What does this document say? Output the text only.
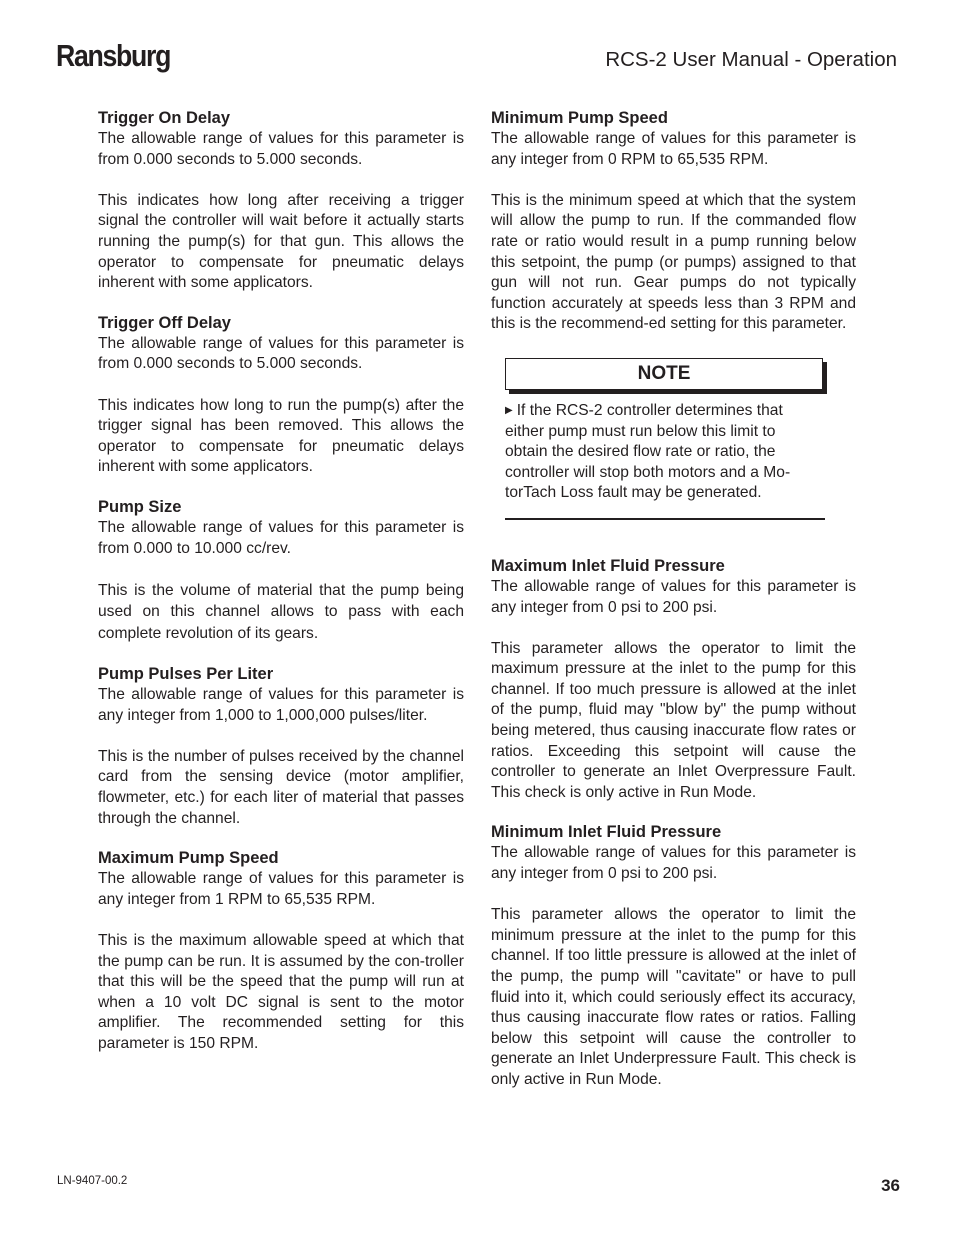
Ransburg	RCS-2 User Manual - Operation
Trigger On Delay

The allowable range of values for this parameter is from 0.000 seconds to 5.000 seconds.

This indicates how long after receiving a trigger signal the controller will wait before it actually starts running the pump(s) for that gun. This allows the operator to compensate for pneumatic delays inherent with some applicators.

Trigger Off Delay

The allowable range of values for this parameter is from 0.000 seconds to 5.000 seconds.

This indicates how long to run the pump(s) after the trigger signal has been removed. This allows the operator to compensate for pneumatic delays inherent with some applicators.

Pump Size

The allowable range of values for this parameter is from 0.000 to 10.000 cc/rev.

This is the volume of material that the pump being used on this channel allows to pass with each complete revolution of its gears.

Pump Pulses Per Liter

The allowable range of values for this parameter is any integer from 1,000 to 1,000,000 pulses/liter.

This is the number of pulses received by the channel card from the sensing device (motor amplifier, flowmeter, etc.) for each liter of material that passes through the channel.

Maximum Pump Speed

The allowable range of values for this parameter is any integer from 1 RPM to 65,535 RPM.

This is the maximum allowable speed at which that the pump can be run. It is assumed by the con-troller that this will be the speed that the pump will run at when a 10 volt DC signal is sent to the motor amplifier. The recommended setting for this parameter is 150 RPM.

Minimum Pump Speed

The allowable range of values for this parameter is any integer from 0 RPM to 65,535 RPM.

This is the minimum speed at which that the system will allow the pump to run. If the commanded flow rate or ratio would result in a pump running below this setpoint, the pump (or pumps) assigned to that gun will not run. Gear pumps do not typically function accurately at speeds less than 3 RPM and this is the recommend-ed setting for this parameter.

NOTE
▶ If the RCS-2 controller determines that either pump must run below this limit to obtain the desired flow rate or ratio, the controller will stop both motors and a Mo-torTach Loss fault may be generated.
Maximum Inlet Fluid Pressure

The allowable range of values for this parameter is any integer from 0 psi to 200 psi.

This parameter allows the operator to limit the maximum pressure at the inlet to the pump for this channel. If too much pressure is allowed at the inlet of the pump, fluid may "blow by" the pump without being metered, thus causing inaccurate flow rates or ratios. Exceeding this setpoint will cause the controller to generate an Inlet Overpressure Fault. This check is only active in Run Mode.

Minimum Inlet Fluid Pressure

The allowable range of values for this parameter is any integer from 0 psi to 200 psi.

This parameter allows the operator to limit the minimum pressure at the inlet to the pump for this channel. If too little pressure is allowed at the inlet of the pump, the pump will "cavitate" or have to pull fluid into it, which could seriously effect its accuracy, thus causing inaccurate flow rates or ratios. Falling below this setpoint will cause the controller to generate an Inlet Underpressure Fault. This check is only active in Run Mode.

LN-9407-00.2	36
